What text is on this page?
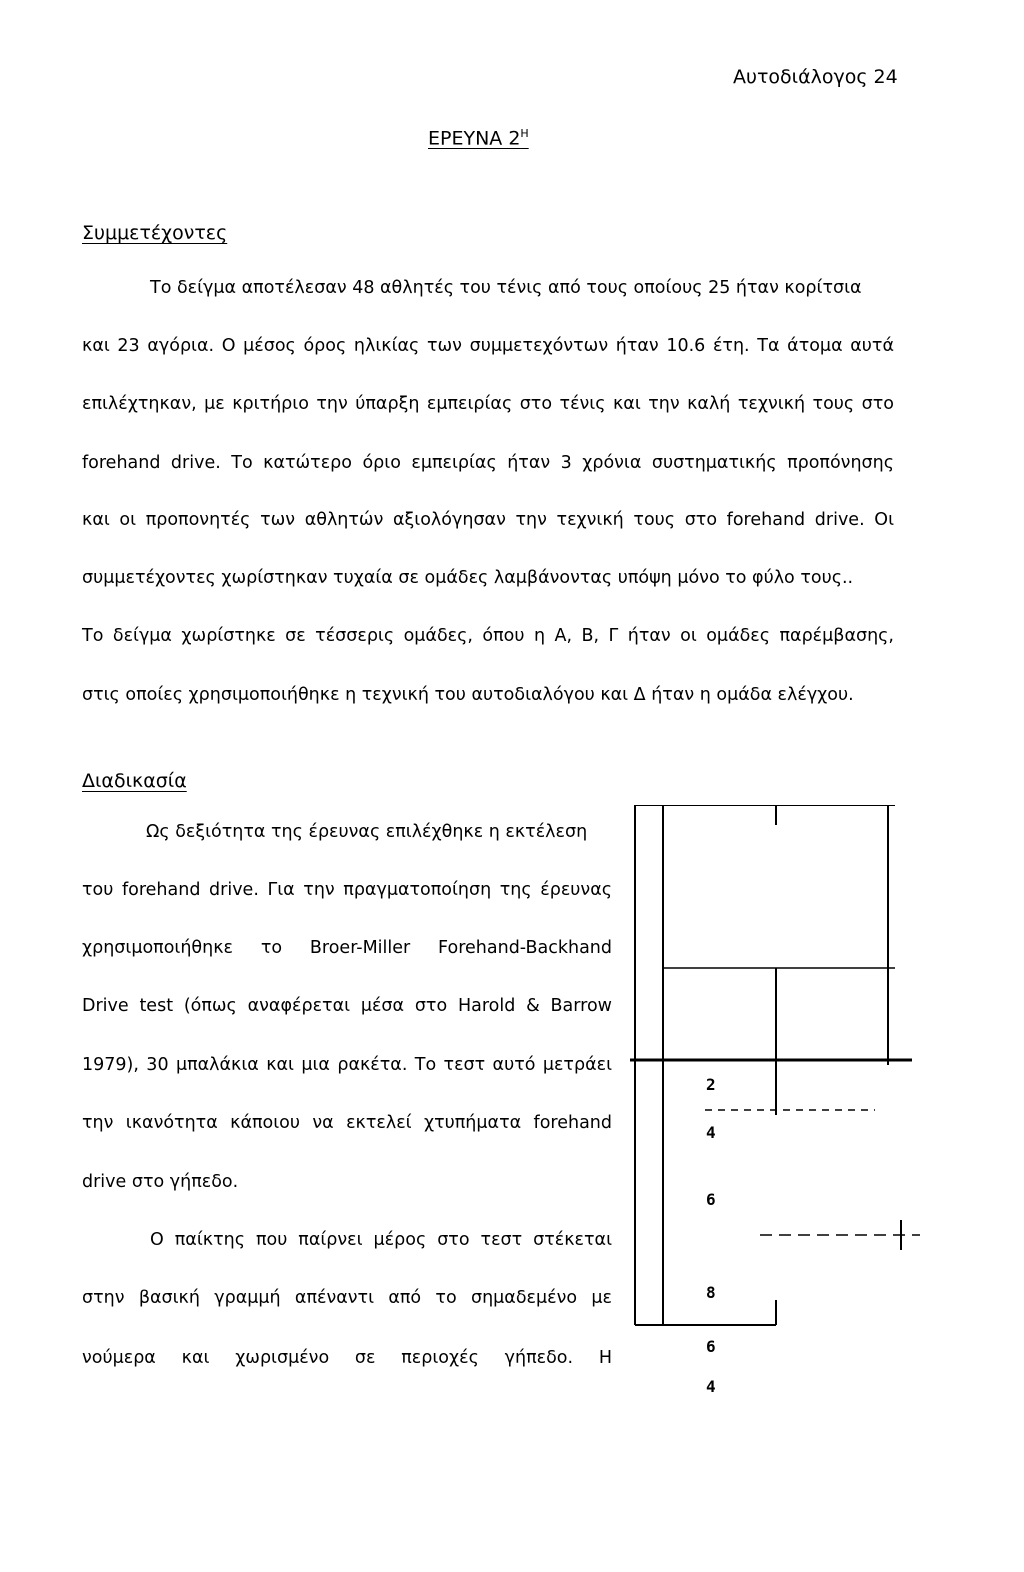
Αυτοδιάλογος 24
ΕΡΕΥΝΑ $2^H$
Συμμετέχοντες
Το δείγμα αποτέλεσαν 48 αθλητές του τένις από τους οποίους 25 ήταν κορίτσια
και 23 αγόρια. Ο μέσος όρος ηλικίας των συμμετεχόντων ήταν 10.6 έτη. Τα άτομα αυτά
επιλέχτηκαν, με κριτήριο την ύπαρξη εμπειρίας στο τένις και την καλή τεχνική τους στο
forehand drive. Το κατώτερο όριο εμπειρίας ήταν 3 χρόνια συστηματικής προπόνησης
και οι προπονητές των αθλητών αξιολόγησαν την τεχνική τους στο forehand drive. Οι
συμμετέχοντες χωρίστηκαν τυχαία σε ομάδες λαμβάνοντας υπόψη μόνο το φύλο τους..
Το δείγμα χωρίστηκε σε τέσσερις ομάδες, όπου η Α, Β, Γ ήταν οι ομάδες παρέμβασης,
στις οποίες χρησιμοποιήθηκε η τεχνική του αυτοδιαλόγου και Δ ήταν η ομάδα ελέγχου.
Διαδικασία
Ως δεξιότητα της έρευνας επιλέχθηκε η εκτέλεση
του forehand drive. Για την πραγματοποίηση της έρευνας
χρησιμοποιήθηκε το Broer-Miller Forehand-Backhand
Drive test (όπως αναφέρεται μέσα στο Harold & Barrow
1979), 30 μπαλάκια και μια ρακέτα. Το τεστ αυτό μετράει
την ικανότητα κάποιου να εκτελεί χτυπήματα forehand
drive στο γήπεδο.
Ο παίκτης που παίρνει μέρος στο τεστ στέκεται
στην βασική γραμμή απέναντι από το σημαδεμένο με
νούμερα και χωρισμένο σε περιοχές γήπεδο. Η
2
4
6
8
6
4
